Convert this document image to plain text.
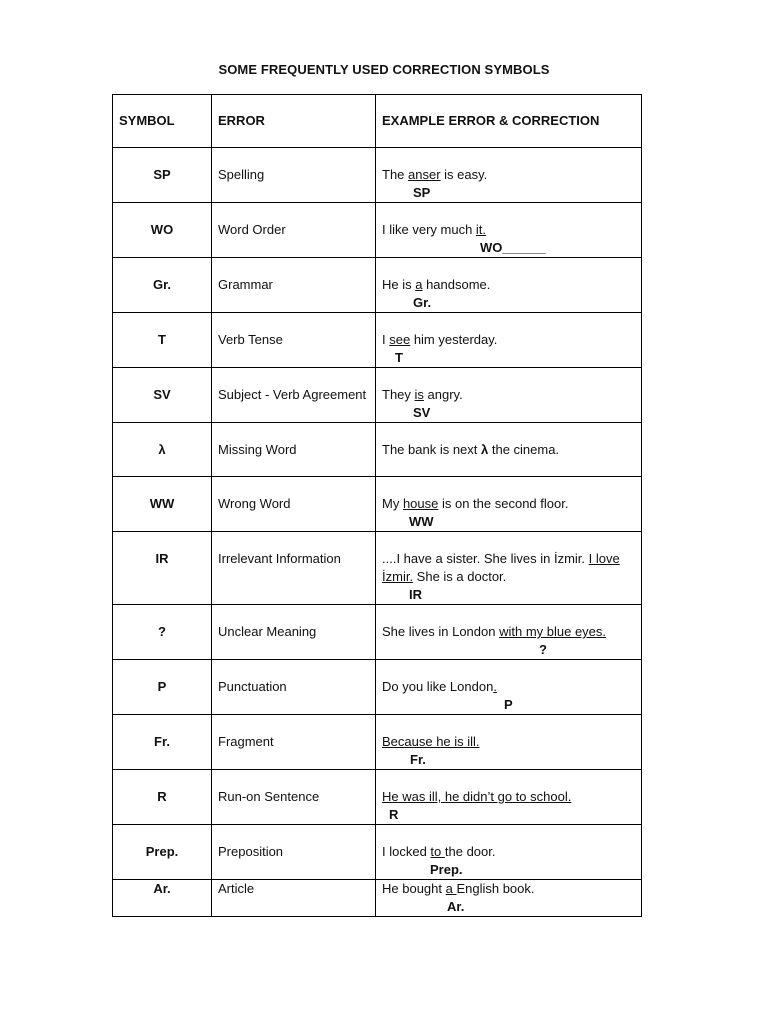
SOME FREQUENTLY USED CORRECTION SYMBOLS
SYMBOL	ERROR	EXAMPLE ERROR & CORRECTION

SP	Spelling	The anser is easy.
SP

WO	Word Order	I like very much it.
WO______

Gr.	Grammar	He is a handsome.
Gr.

T	Verb Tense	I see him yesterday.
T

SV	Subject - Verb Agreement	They is angry.
SV

λ	Missing Word	The bank is next λ the cinema.

WW	Wrong Word	My house is on the second floor.
WW

IR	Irrelevant Information	....I have a sister. She lives in İzmir. I love İzmir. She is a doctor.
IR

?	Unclear Meaning	She lives in London with my blue eyes.
?

P	Punctuation	Do you like London.
P

Fr.	Fragment	Because he is ill.
Fr.

R	Run-on Sentence	He was ill, he didn’t go to school.
R

Prep.	Preposition	I locked to the door.
Prep.

Ar.	Article	He bought a English book.
Ar.
